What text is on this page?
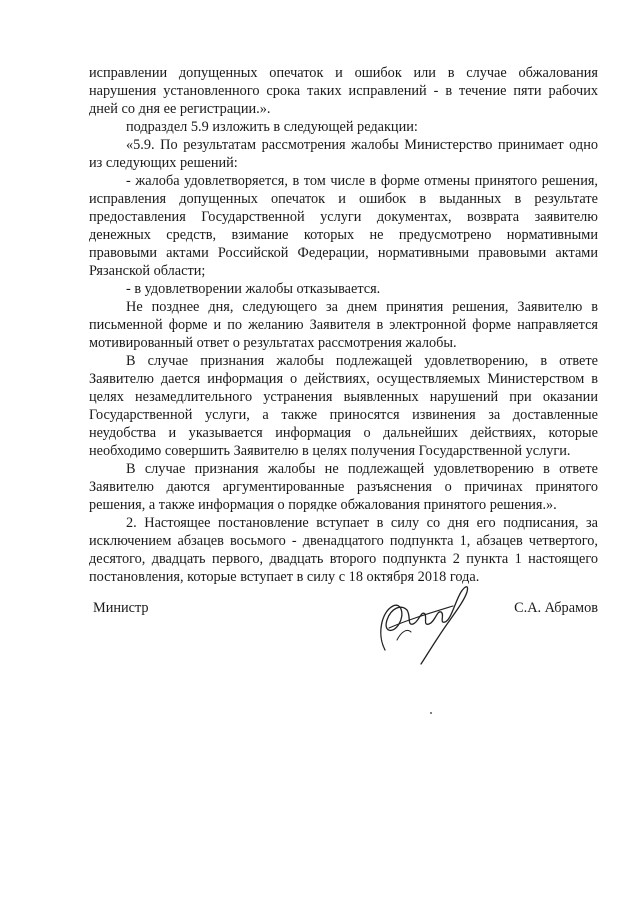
исправлении допущенных опечаток и ошибок или в случае обжалования нарушения установленного срока таких исправлений - в течение пяти рабочих дней со дня ее регистрации.».

подраздел 5.9 изложить в следующей редакции:

«5.9. По результатам рассмотрения жалобы Министерство принимает одно из следующих решений:

- жалоба удовлетворяется, в том числе в форме отмены принятого решения, исправления допущенных опечаток и ошибок в выданных в результате предоставления Государственной услуги документах, возврата заявителю денежных средств, взимание которых не предусмотрено нормативными правовыми актами Российской Федерации, нормативными правовыми актами Рязанской области;

- в удовлетворении жалобы отказывается.

Не позднее дня, следующего за днем принятия решения, Заявителю в письменной форме и по желанию Заявителя в электронной форме направляется мотивированный ответ о результатах рассмотрения жалобы.

В случае признания жалобы подлежащей удовлетворению, в ответе Заявителю дается информация о действиях, осуществляемых Министерством в целях незамедлительного устранения выявленных нарушений при оказании Государственной услуги, а также приносятся извинения за доставленные неудобства и указывается информация о дальнейших действиях, которые необходимо совершить Заявителю в целях получения Государственной услуги.

В случае признания жалобы не подлежащей удовлетворению в ответе Заявителю даются аргументированные разъяснения о причинах принятого решения, а также информация о порядке обжалования принятого решения.».

2. Настоящее постановление вступает в силу со дня его подписания, за исключением абзацев восьмого - двенадцатого подпункта 1, абзацев четвертого, десятого, двадцать первого, двадцать второго подпункта 2 пункта 1 настоящего постановления, которые вступает в силу с 18 октября 2018 года.

Министр	С.А. Абрамов
